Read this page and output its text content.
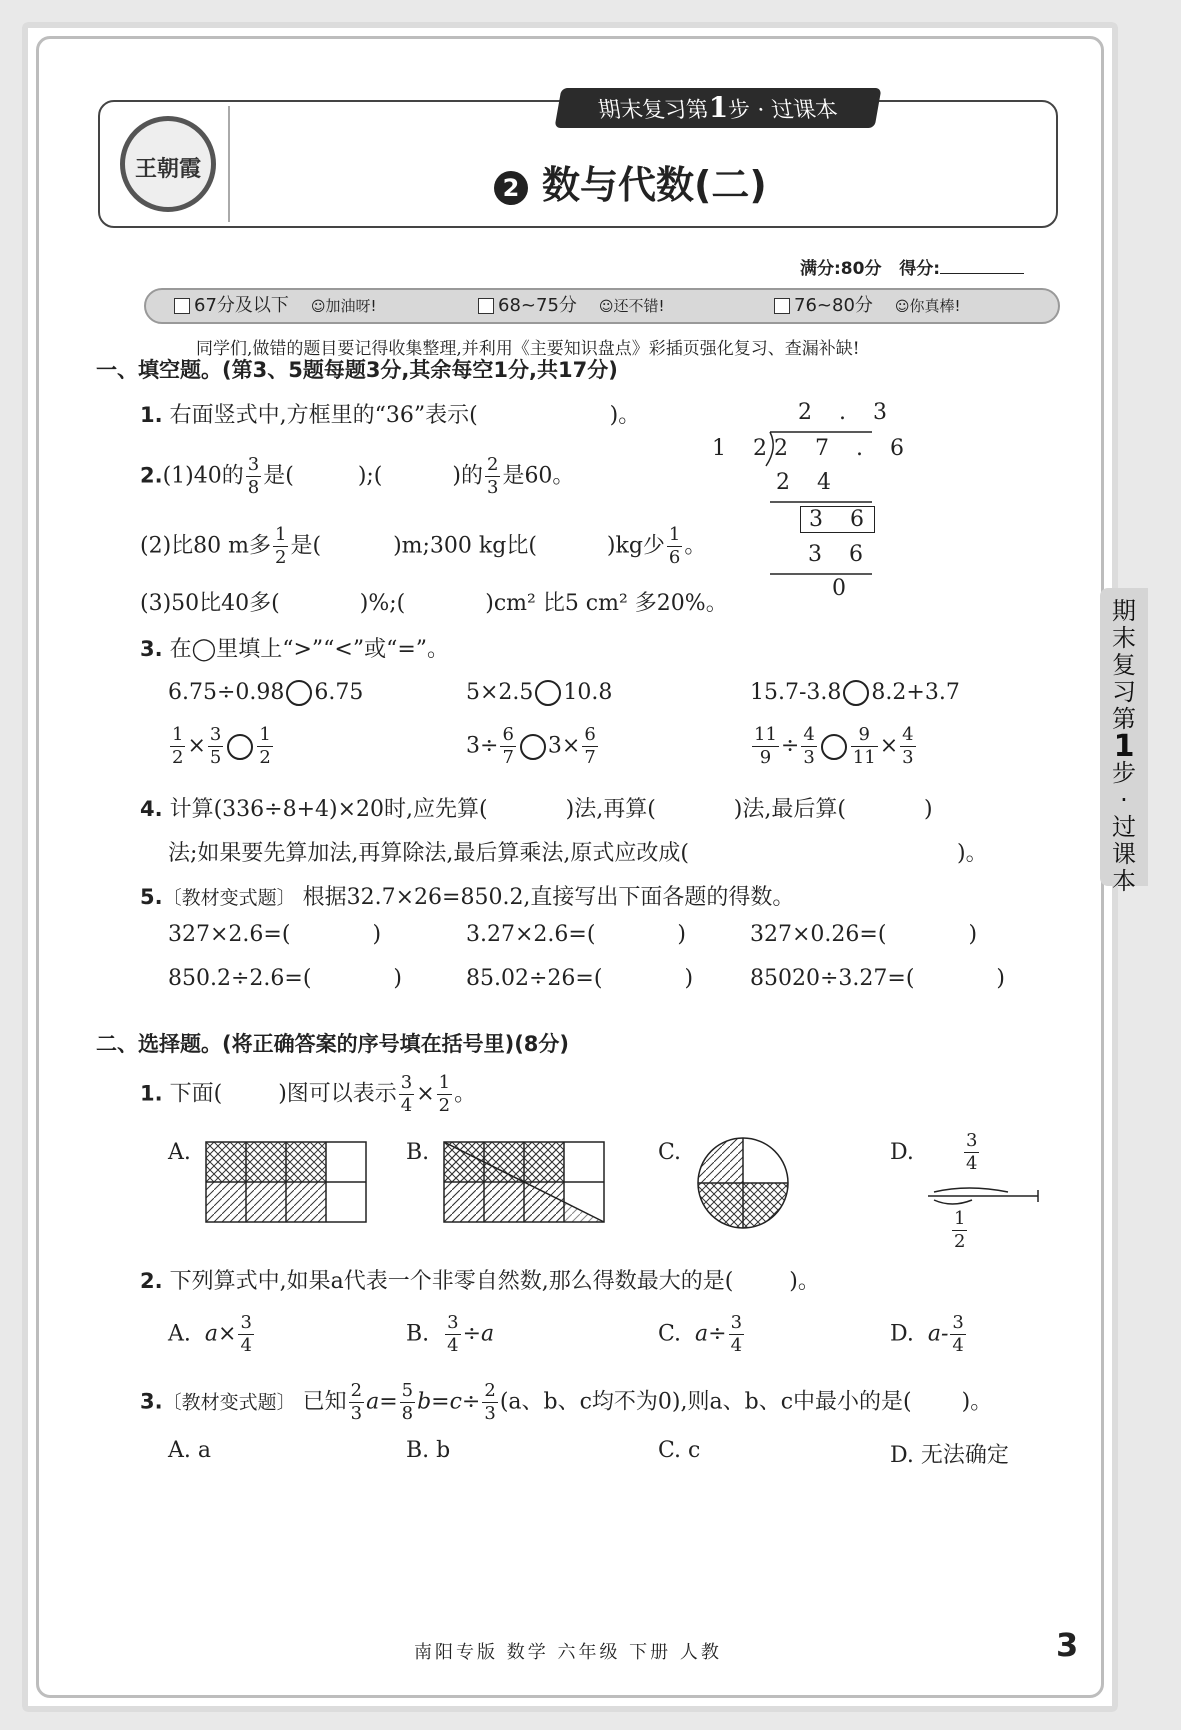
王朝霞
期末复习第1步 · 过课本
2 数与代数(二)
满分:80分 得分:
67分及以下 ☺加油呀!	68~75分 ☺还不错!	76~80分 ☺你真棒!
同学们,做错的题目要记得收集整理,并利用《主要知识盘点》彩插页强化复习、查漏补缺!
期末复习第
1
步·过课本
一、填空题。(第3、5题每题3分,其余每空1分,共17分)
1. 右面竖式中,方框里的“36”表示(	)。	2 . 3
1 2
2 7 . 6
2 4
3 6
3 6
0
2.(1)40的 $\frac{3}{8}$ 是(	);(	)的 $\frac{2}{3}$ 是60。
(2)比80 m多 $\frac{1}{2}$ 是(	)m;300 kg比(	)kg少 $\frac{1}{6}$ 。
(3)50比40多(	)%;(	)cm² 比5 cm² 多20%。
3. 在◯里填上“>”“<”或“=”。
6.75÷0.98 6.75	5×2.5 10.8	15.7-3.8 8.2+3.7
$\frac{1}{2} \times \frac{3}{5} \frac{1}{2}$	$3\div \frac{6}{7} 3\times \frac{6}{7}$	$\frac{11}{9} \div \frac{4}{3} \frac{9}{11} \times \frac{4}{3}$
4. 计算(336÷8+4)×20时,应先算(	)法,再算(	)法,最后算(	)
法;如果要先算加法,再算除法,最后算乘法,原式应改成(	)。
5.〔教材变式题〕 根据32.7×26=850.2,直接写出下面各题的得数。
327×2.6=(	)	3.27×2.6=(	)	327×0.26=(	)
850.2÷2.6=(	)	85.02÷26=(	)	85020÷3.27=(	)
二、选择题。(将正确答案的序号填在括号里)(8分)
1. 下面(	)图可以表示 $\frac{3}{4} \times \frac{1}{2}$ 。
A.	B.	C.	D.	$\frac{3}{4}$
$\frac{1}{2}$
2. 下列算式中,如果a代表一个非零自然数,那么得数最大的是(	)。
A. $a\times \frac{3}{4}$	B. $\frac{3}{4} \div a$	C. $a\div \frac{3}{4}$	D. $a- \frac{3}{4}$
3.〔教材变式题〕 已知 $\frac{2}{3} a= \frac{5}{8} b=c\div \frac{2}{3} (a$、b、c均不为0),则a、b、c中最小的是( )。
A. a	B. b	C. c	D. 无法确定
南阳专版 数学 六年级 下册 人教	3
